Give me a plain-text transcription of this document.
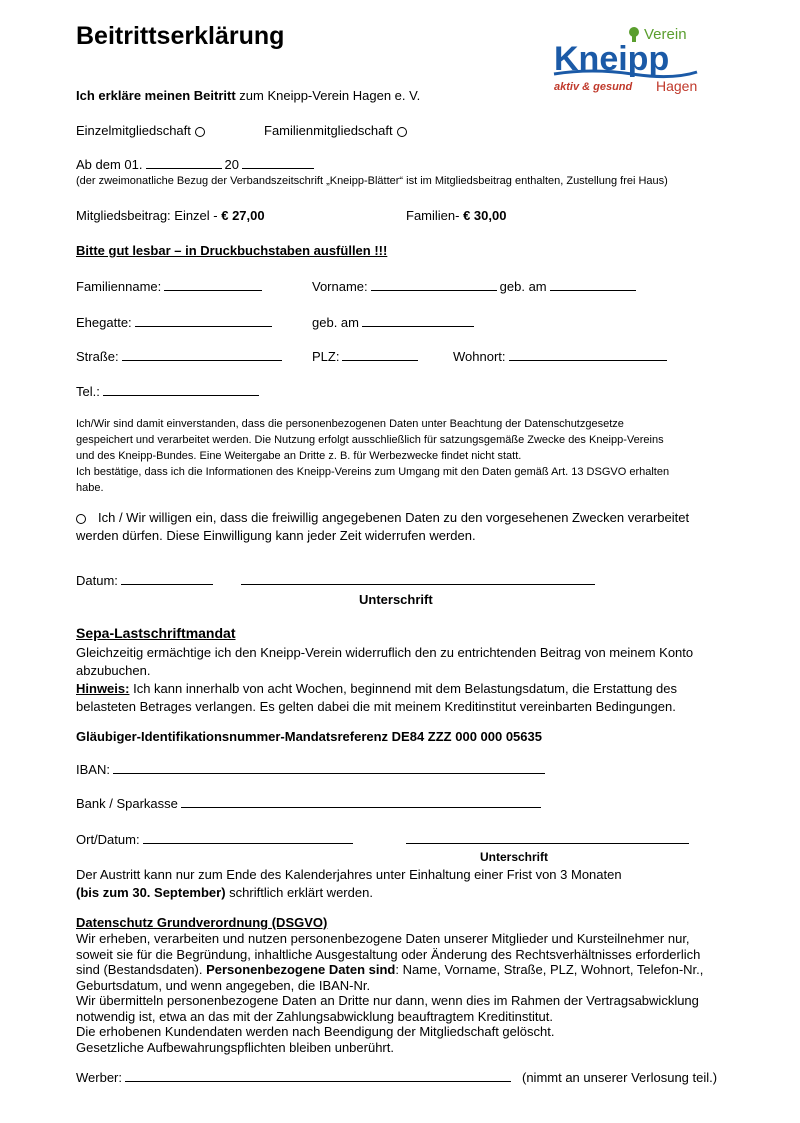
Beitrittserklärung	Verein
Kneipp
aktiv & gesund Hagen
Ich erkläre meinen Beitritt zum Kneipp-Verein Hagen e. V.
Einzelmitgliedschaft	Familienmitgliedschaft
Ab dem 01.	20
(der zweimonatliche Bezug der Verbandszeitschrift „Kneipp-Blätter“ ist im Mitgliedsbeitrag enthalten, Zustellung frei Haus)
Mitgliedsbeitrag: Einzel - € 27,00	Familien- € 30,00
Bitte gut lesbar – in Druckbuchstaben ausfüllen !!!
Familienname:	Vorname:	geb. am
Ehegatte:	geb. am
Straße:	PLZ:	Wohnort:
Tel.:
Ich/Wir sind damit einverstanden, dass die personenbezogenen Daten unter Beachtung der Datenschutzgesetze
gespeichert und verarbeitet werden. Die Nutzung erfolgt ausschließlich für satzungsgemäße Zwecke des Kneipp-Vereins
und des Kneipp-Bundes. Eine Weitergabe an Dritte z. B. für Werbezwecke findet nicht statt.
Ich bestätige, dass ich die Informationen des Kneipp-Vereins zum Umgang mit den Daten gemäß Art. 13 DSGVO erhalten
habe.
Ich / Wir willigen ein, dass die freiwillig angegebenen Daten zu den vorgesehenen Zwecken verarbeitet
werden dürfen. Diese Einwilligung kann jeder Zeit widerrufen werden.
Datum:
Unterschrift
Sepa-Lastschriftmandat
Gleichzeitig ermächtige ich den Kneipp-Verein widerruflich den zu entrichtenden Beitrag von meinem Konto
abzubuchen.
Hinweis: Ich kann innerhalb von acht Wochen, beginnend mit dem Belastungsdatum, die Erstattung des
belasteten Betrages verlangen. Es gelten dabei die mit meinem Kreditinstitut vereinbarten Bedingungen.
Gläubiger-Identifikationsnummer-Mandatsreferenz DE84 ZZZ 000 000 05635
IBAN:
Bank / Sparkasse
Ort/Datum:
Unterschrift
Der Austritt kann nur zum Ende des Kalenderjahres unter Einhaltung einer Frist von 3 Monaten
(bis zum 30. September) schriftlich erklärt werden.
Datenschutz Grundverordnung (DSGVO)
Wir erheben, verarbeiten und nutzen personenbezogene Daten unserer Mitglieder und Kursteilnehmer nur,
soweit sie für die Begründung, inhaltliche Ausgestaltung oder Änderung des Rechtsverhältnisses erforderlich
sind (Bestandsdaten). Personenbezogene Daten sind: Name, Vorname, Straße, PLZ, Wohnort, Telefon-Nr.,
Geburtsdatum, und wenn angegeben, die IBAN-Nr.
Wir übermitteln personenbezogene Daten an Dritte nur dann, wenn dies im Rahmen der Vertragsabwicklung
notwendig ist, etwa an das mit der Zahlungsabwicklung beauftragtem Kreditinstitut.
Die erhobenen Kundendaten werden nach Beendigung der Mitgliedschaft gelöscht.
Gesetzliche Aufbewahrungspflichten bleiben unberührt.
Werber:	(nimmt an unserer Verlosung teil.)
